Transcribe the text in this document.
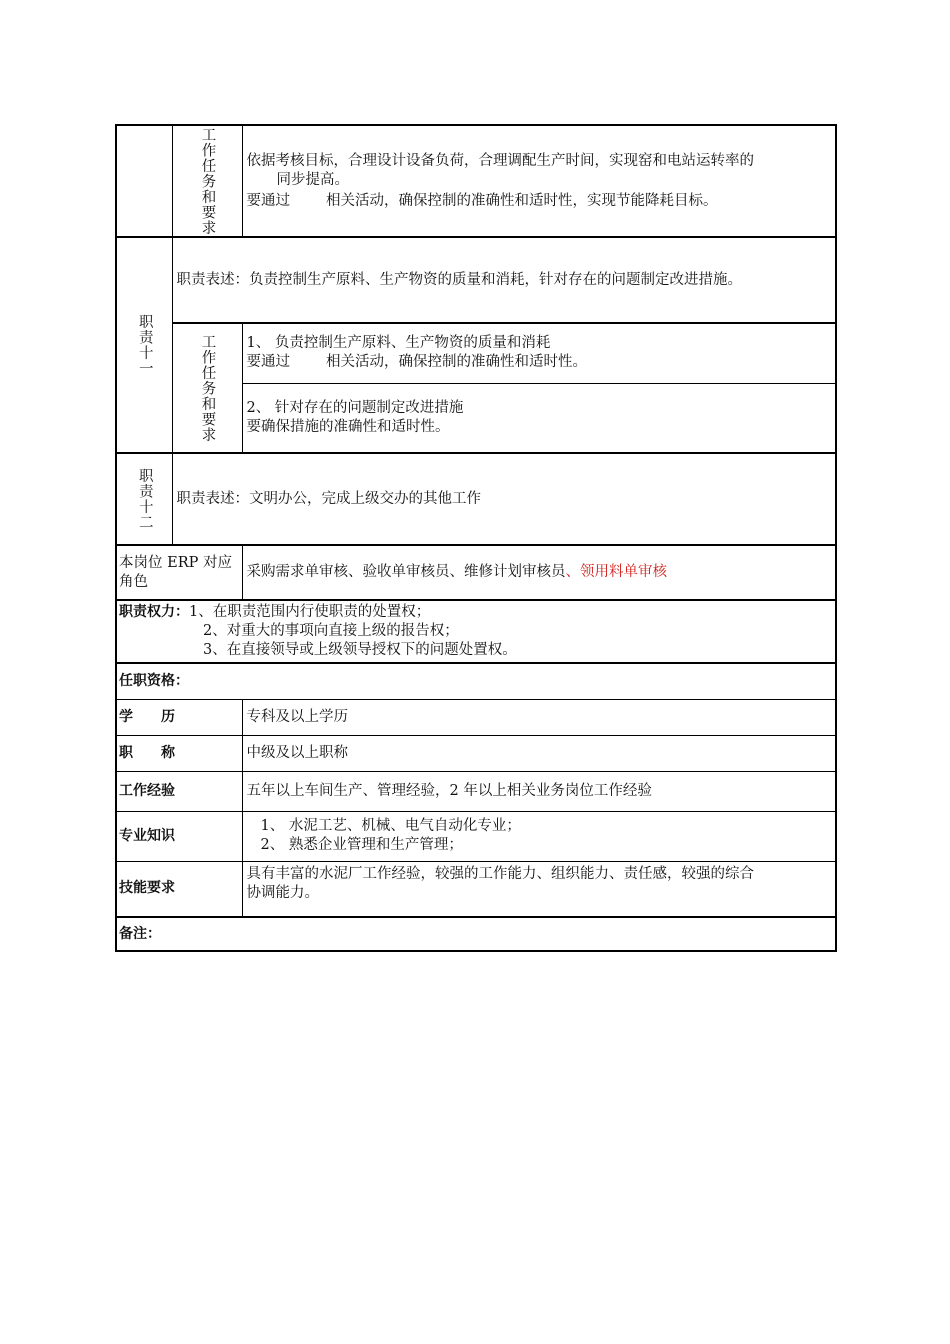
	工作任务和要求	依据考核目标，合理设计设备负荷，合理调配生产时间，实现窑和电站运转率的
同步提高。
要通过 相关活动，确保控制的准确性和适时性，实现节能降耗目标。

职责十一	职责表述：负责控制生产原料、生产物资的质量和消耗，针对存在的问题制定改进措施。	

	工作任务和要求	1、 负责控制生产原料、生产物资的质量和消耗
要通过 相关活动，确保控制的准确性和适时性。

		2、 针对存在的问题制定改进措施
要确保措施的准确性和适时性。

职责十二	职责表述：文明办公，完成上级交办的其他工作	
本岗位 ERP 对应角色		采购需求单审核、验收单审核员、维修计划审核员、领用料单审核

职责权力：1、在职责范围内行使职责的处置权；
2、对重大的事项向直接上级的报告权；
3、在直接领导或上级领导授权下的问题处置权。		

任职资格：		
学　　历		专科及以上学历
职　　称		中级及以上职称
工作经验		五年以上车间生产、管理经验，2 年以上相关业务岗位工作经验
专业知识		1、 水泥工艺、机械、电气自动化专业；
2、 熟悉企业管理和生产管理；

技能要求		具有丰富的水泥厂工作经验，较强的工作能力、组织能力、责任感，较强的综合
协调能力。

备注：		
